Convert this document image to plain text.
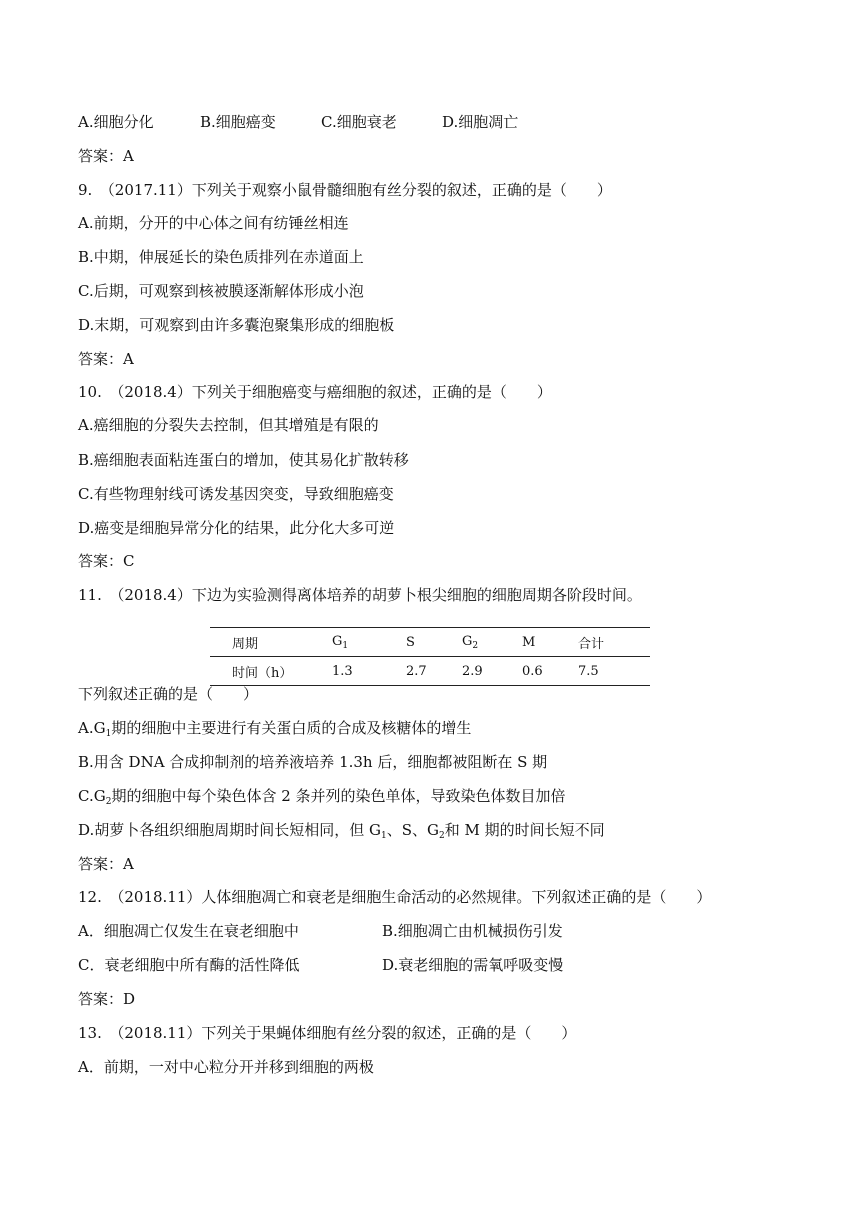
A.细胞分化	B.细胞癌变	C.细胞衰老	D.细胞凋亡
答案：A
9.　（2017.11）下列关于观察小鼠骨髓细胞有丝分裂的叙述，正确的是（　　）
A.前期，分开的中心体之间有纺锤丝相连
B.中期，伸展延长的染色质排列在赤道面上
C.后期，可观察到核被膜逐渐解体形成小泡
D.末期，可观察到由许多囊泡聚集形成的细胞板
答案：A
10.　（2018.4）下列关于细胞癌变与癌细胞的叙述，正确的是（　　）
A.癌细胞的分裂失去控制，但其增殖是有限的
B.癌细胞表面粘连蛋白的增加，使其易化扩散转移
C.有些物理射线可诱发基因突变，导致细胞癌变
D.癌变是细胞异常分化的结果，此分化大多可逆
答案：C
11.　（2018.4）下边为实验测得离体培养的胡萝卜根尖细胞的细胞周期各阶段时间。
周期	$G_1$	S	$G_2$	M	合计
时间（h）	1.3	2.7	2.9	0.6	7.5
下列叙述正确的是（　　）
$A.G_1$期的细胞中主要进行有关蛋白质的合成及核糖体的增生
B.用含 DNA 合成抑制剂的培养液培养 1.3h 后，细胞都被阻断在 S 期
$C.G_2$期的细胞中每个染色体含 2 条并列的染色单体，导致染色体数目加倍
D.胡萝卜各组织细胞周期时间长短相同，但 $G_1$、S、$G_2$和 M 期的时间长短不同
答案：A
12.　（2018.11）人体细胞凋亡和衰老是细胞生命活动的必然规律。下列叙述正确的是（　　）
A．细胞凋亡仅发生在衰老细胞中	B.细胞凋亡由机械损伤引发
C．衰老细胞中所有酶的活性降低	D.衰老细胞的需氧呼吸变慢
答案：D
13.　（2018.11）下列关于果蝇体细胞有丝分裂的叙述，正确的是（　　）
A．前期，一对中心粒分开并移到细胞的两极
